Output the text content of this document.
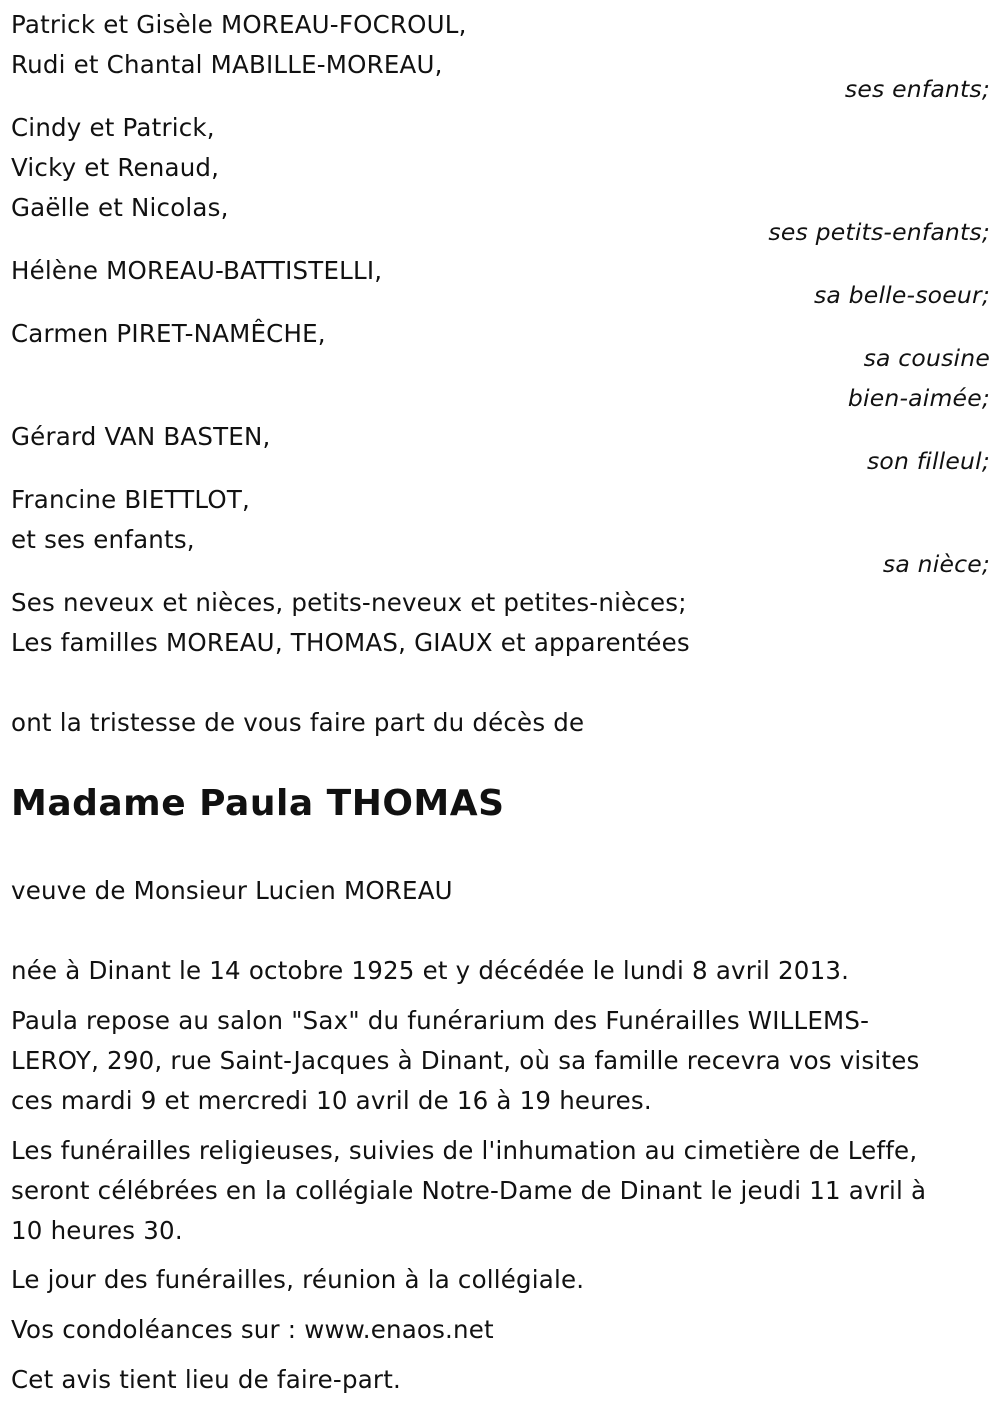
Patrick et Gisèle MOREAU-FOCROUL,
Rudi et Chantal MABILLE-MOREAU,
ses enfants;
Cindy et Patrick,
Vicky et Renaud,
Gaëlle et Nicolas,
ses petits-enfants;
Hélène MOREAU-BATTISTELLI,
sa belle-soeur;
Carmen PIRET-NAMÊCHE,
sa cousine
bien-aimée;
Gérard VAN BASTEN,
son filleul;
Francine BIETTLOT,
et ses enfants,
sa nièce;
Ses neveux et nièces, petits-neveux et petites-nièces;
Les familles MOREAU, THOMAS, GIAUX et apparentées
ont la tristesse de vous faire part du décès de
Madame Paula THOMAS
veuve de Monsieur Lucien MOREAU
née à Dinant le 14 octobre 1925 et y décédée le lundi 8 avril 2013.
Paula repose au salon "Sax" du funérarium des Funérailles WILLEMS-
LEROY, 290, rue Saint-Jacques à Dinant, où sa famille recevra vos visites
ces mardi 9 et mercredi 10 avril de 16 à 19 heures.
Les funérailles religieuses, suivies de l'inhumation au cimetière de Leffe,
seront célébrées en la collégiale Notre-Dame de Dinant le jeudi 11 avril à
10 heures 30.
Le jour des funérailles, réunion à la collégiale.
Vos condoléances sur : www.enaos.net
Cet avis tient lieu de faire-part.
